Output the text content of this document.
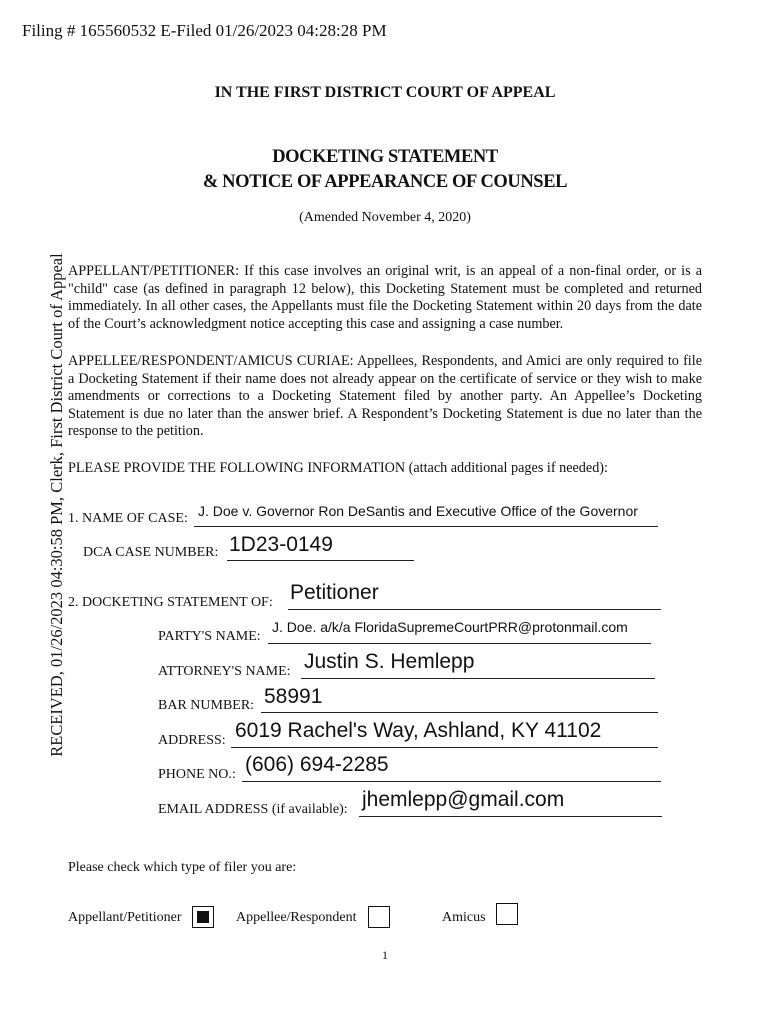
Filing # 165560532 E-Filed 01/26/2023 04:28:28 PM
RECEIVED, 01/26/2023 04:30:58 PM, Clerk, First District Court of Appeal
IN THE FIRST DISTRICT COURT OF APPEAL
DOCKETING STATEMENT
& NOTICE OF APPEARANCE OF COUNSEL
(Amended November 4, 2020)
APPELLANT/PETITIONER: If this case involves an original writ, is an appeal of a non-final order, or is a "child" case (as defined in paragraph 12 below), this Docketing Statement must be completed and returned immediately. In all other cases, the Appellants must file the Docketing Statement within 20 days from the date of the Court’s acknowledgment notice accepting this case and assigning a case number.
APPELLEE/RESPONDENT/AMICUS CURIAE: Appellees, Respondents, and Amici are only required to file a Docketing Statement if their name does not already appear on the certificate of service or they wish to make amendments or corrections to a Docketing Statement filed by another party. An Appellee’s Docketing Statement is due no later than the answer brief. A Respondent’s Docketing Statement is due no later than the response to the petition.
PLEASE PROVIDE THE FOLLOWING INFORMATION (attach additional pages if needed):
1. NAME OF CASE: J. Doe v. Governor Ron DeSantis and Executive Office of the Governor
DCA CASE NUMBER: 1D23-0149
2. DOCKETING STATEMENT OF: Petitioner
PARTY'S NAME:
J. Doe. a/k/a FloridaSupremeCourtPRR@protonmail.com
ATTORNEY'S NAME: Justin S. Hemlepp
BAR NUMBER: 58991
ADDRESS: 6019 Rachel's Way, Ashland, KY 41102
PHONE NO.: (606) 694-2285
EMAIL ADDRESS (if available): jhemlepp@gmail.com
Please check which type of filer you are:
Appellant/Petitioner	Appellee/Respondent	Amicus
1
